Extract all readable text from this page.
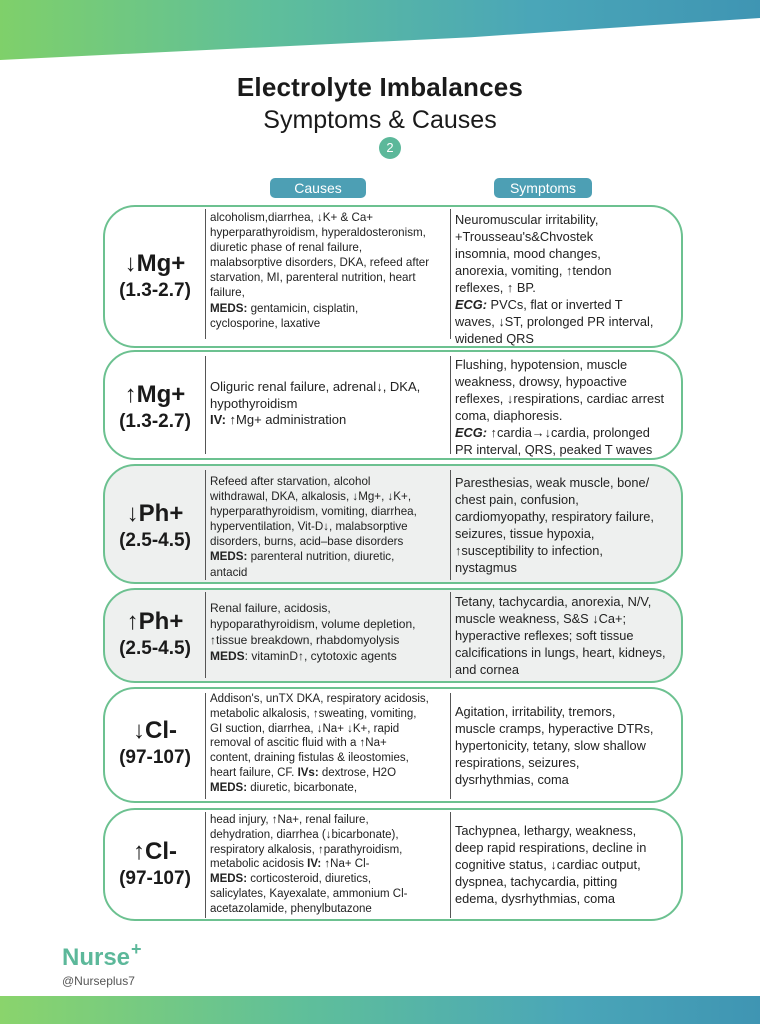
Electrolyte Imbalances
Symptoms & Causes
2
Causes	Symptoms
↓Mg+
(1.3-2.7)
alcoholism,diarrhea, ↓K+ & Ca+
hyperparathyroidism, hyperaldosteronism,
diuretic phase of renal failure,
malabsorptive disorders, DKA, refeed after
starvation, MI, parenteral nutrition, heart
failure,
MEDS: gentamicin, cisplatin,
cyclosporine, laxative
Neuromuscular irritability,
+Trousseau's&Chvostek
insomnia, mood changes,
anorexia, vomiting, ↑tendon
reflexes, ↑ BP.
ECG: PVCs, flat or inverted T
waves, ↓ST, prolonged PR interval,
widened QRS
↑Mg+
(1.3-2.7)
Oliguric renal failure, adrenal↓, DKA,
hypothyroidism
IV: ↑Mg+ administration
Flushing, hypotension, muscle
weakness, drowsy, hypoactive
reflexes, ↓respirations, cardiac arrest
coma, diaphoresis.
ECG: ↑cardia→↓cardia, prolonged
PR interval, QRS, peaked T waves
↓Ph+
(2.5-4.5)
Refeed after starvation, alcohol
withdrawal, DKA, alkalosis, ↓Mg+, ↓K+,
hyperparathyroidism, vomiting, diarrhea,
hyperventilation, Vit-D↓, malabsorptive
disorders, burns, acid–base disorders
MEDS: parenteral nutrition, diuretic,
antacid
Paresthesias, weak muscle, bone/
chest pain, confusion,
cardiomyopathy, respiratory failure,
seizures, tissue hypoxia,
↑susceptibility to infection,
nystagmus
↑Ph+
(2.5-4.5)
Renal failure, acidosis,
hypoparathyroidism, volume depletion,
↑tissue breakdown, rhabdomyolysis
MEDS: vitaminD↑, cytotoxic agents
Tetany, tachycardia, anorexia, N/V,
muscle weakness, S&S ↓Ca+;
hyperactive reflexes; soft tissue
calcifications in lungs, heart, kidneys,
and cornea
↓Cl-
(97-107)
Addison's, unTX DKA, respiratory acidosis,
metabolic alkalosis, ↑sweating, vomiting,
GI suction, diarrhea, ↓Na+ ↓K+, rapid
removal of ascitic fluid with a ↑Na+
content, draining fistulas & ileostomies,
heart failure, CF. IVs: dextrose, H2O
MEDS: diuretic, bicarbonate,
Agitation, irritability, tremors,
muscle cramps, hyperactive DTRs,
hypertonicity, tetany, slow shallow
respirations, seizures,
dysrhythmias, coma
↑Cl-
(97-107)
head injury, ↑Na+, renal failure,
dehydration, diarrhea (↓bicarbonate),
respiratory alkalosis, ↑parathyroidism,
metabolic acidosis IV: ↑Na+ Cl-
MEDS: corticosteroid, diuretics,
salicylates, Kayexalate, ammonium Cl-
acetazolamide, phenylbutazone
Tachypnea, lethargy, weakness,
deep rapid respirations, decline in
cognitive status, ↓cardiac output,
dyspnea, tachycardia, pitting
edema, dysrhythmias, coma
Nurse+
@Nurseplus7
